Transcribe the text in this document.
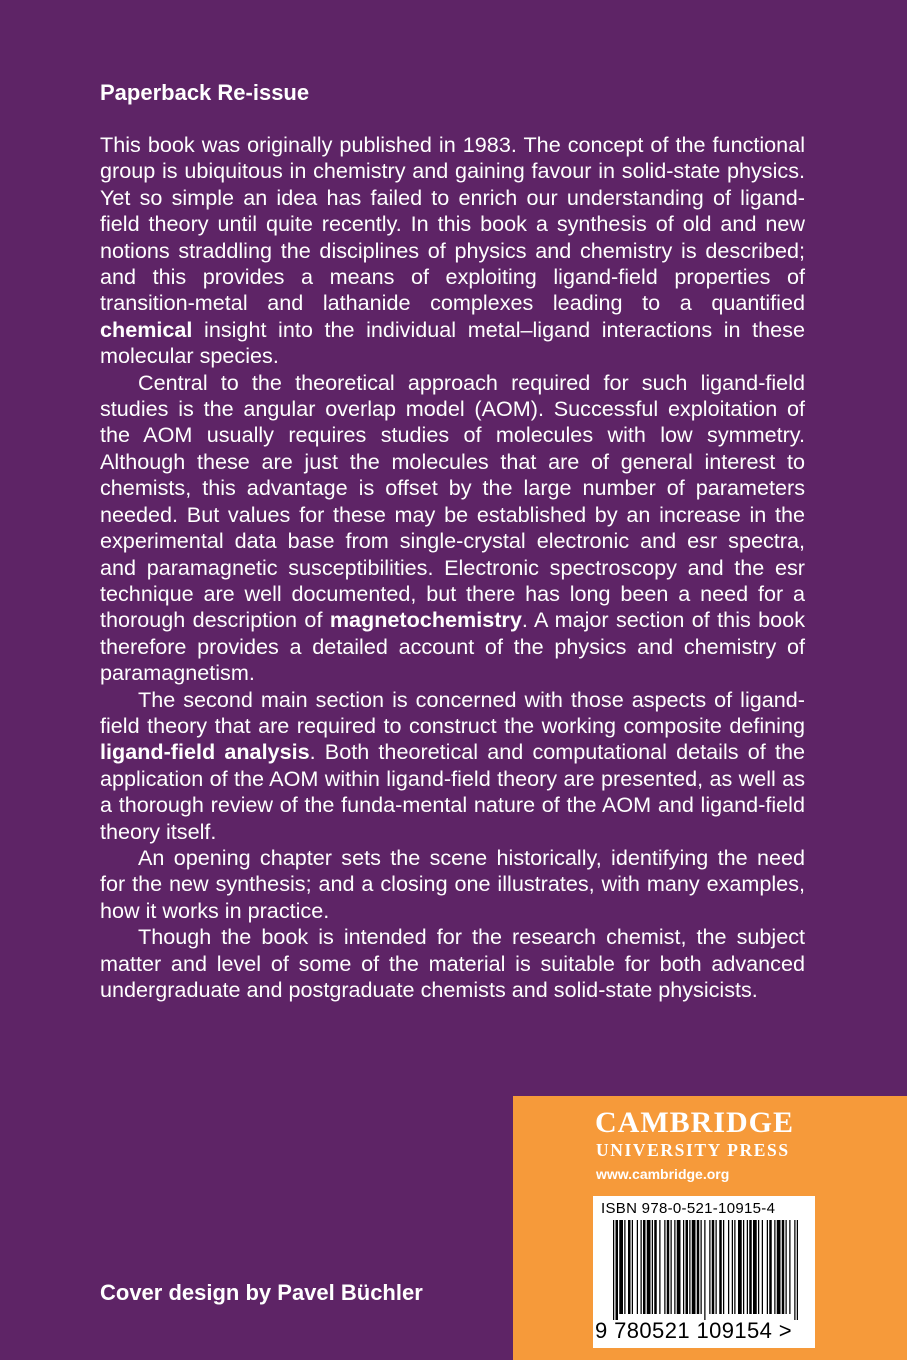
Paperback Re-issue

This book was originally published in 1983. The concept of the functional group is ubiquitous in chemistry and gaining favour in solid-state physics. Yet so simple an idea has failed to enrich our understanding of ligand-field theory until quite recently. In this book a synthesis of old and new notions straddling the disciplines of physics and chemistry is described; and this provides a means of exploiting ligand-field properties of transition-metal and lathanide complexes leading to a quantified chemical insight into the individual metal–ligand interactions in these molecular species.

Central to the theoretical approach required for such ligand-field studies is the angular overlap model (AOM). Successful exploitation of the AOM usually requires studies of molecules with low symmetry. Although these are just the molecules that are of general interest to chemists, this advantage is offset by the large number of parameters needed. But values for these may be established by an increase in the experimental data base from single-crystal electronic and esr spectra, and paramagnetic susceptibilities. Electronic spectroscopy and the esr technique are well documented, but there has long been a need for a thorough description of magnetochemistry. A major section of this book therefore provides a detailed account of the physics and chemistry of paramagnetism.

The second main section is concerned with those aspects of ligand-field theory that are required to construct the working composite defining ligand-field analysis. Both theoretical and computational details of the application of the AOM within ligand-field theory are presented, as well as a thorough review of the funda-mental nature of the AOM and ligand-field theory itself.

An opening chapter sets the scene historically, identifying the need for the new synthesis; and a closing one illustrates, with many examples, how it works in practice.

Though the book is intended for the research chemist, the subject matter and level of some of the material is suitable for both advanced undergraduate and postgraduate chemists and solid-state physicists.

Cover design by Pavel Büchler
CAMBRIDGE
UNIVERSITY PRESS
www.cambridge.org
ISBN 978-0-521-10915-4
9 780521 109154 >
